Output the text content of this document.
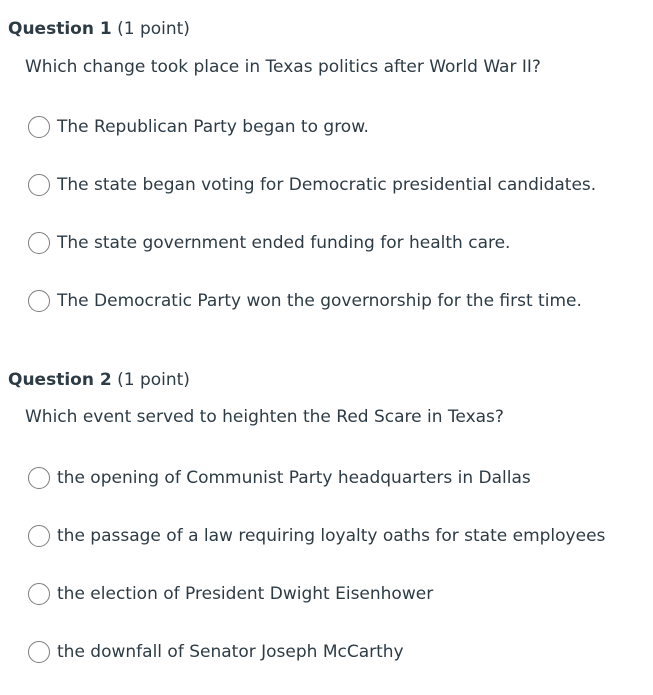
Question 1 (1 point)
Which change took place in Texas politics after World War II?
The Republican Party began to grow.
The state began voting for Democratic presidential candidates.
The state government ended funding for health care.
The Democratic Party won the governorship for the first time.
Question 2 (1 point)
Which event served to heighten the Red Scare in Texas?
the opening of Communist Party headquarters in Dallas
the passage of a law requiring loyalty oaths for state employees
the election of President Dwight Eisenhower
the downfall of Senator Joseph McCarthy
